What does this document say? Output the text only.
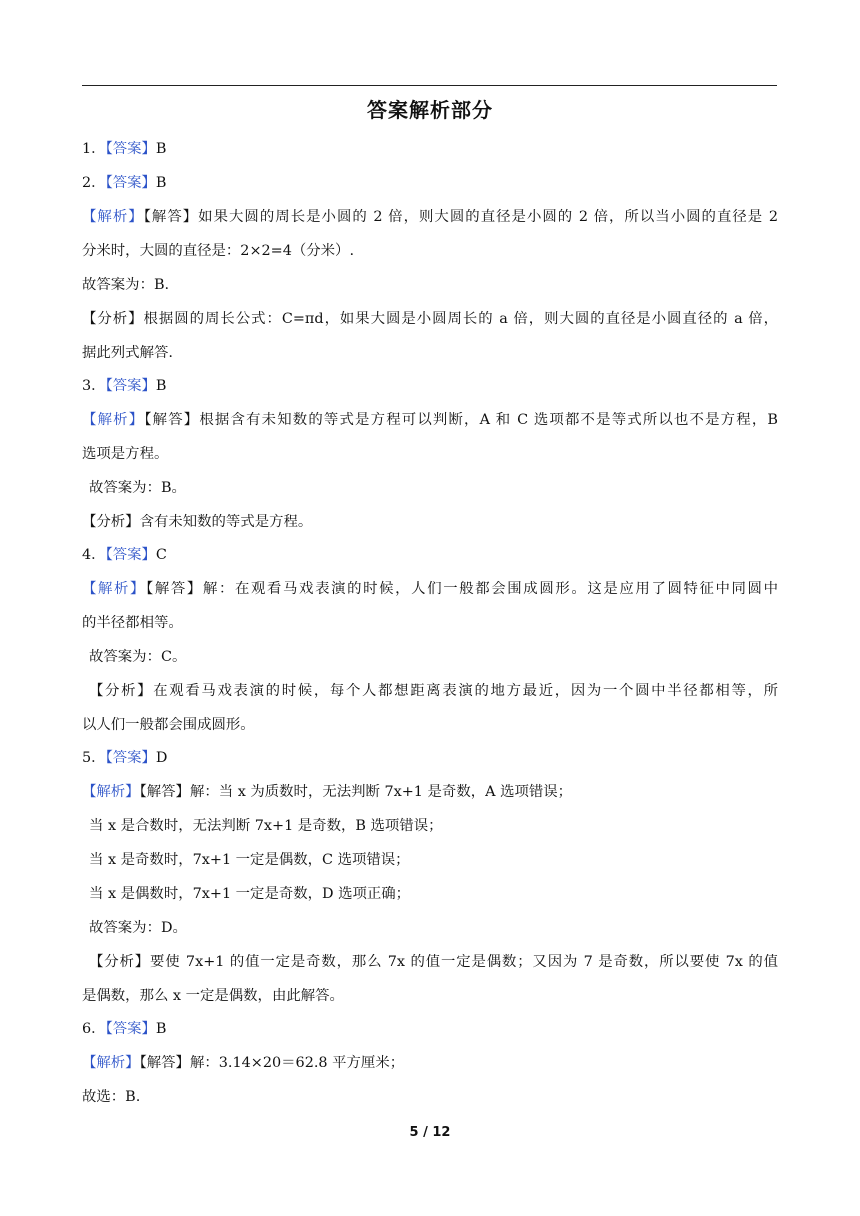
答案解析部分
1．【答案】B
2．【答案】B
【解析】【解答】如果大圆的周长是小圆的 2 倍，则大圆的直径是小圆的 2 倍，所以当小圆的直径是 2
分米时，大圆的直径是：2×2=4（分米）.
故答案为：B.
【分析】根据圆的周长公式：C=πd，如果大圆是小圆周长的 a 倍，则大圆的直径是小圆直径的 a 倍，
据此列式解答.
3．【答案】B
【解析】【解答】根据含有未知数的等式是方程可以判断，A 和 C 选项都不是等式所以也不是方程，B
选项是方程。
故答案为：B。
【分析】含有未知数的等式是方程。
4．【答案】C
【解析】【解答】解：在观看马戏表演的时候，人们一般都会围成圆形。这是应用了圆特征中同圆中
的半径都相等。
故答案为：C。
【分析】在观看马戏表演的时候，每个人都想距离表演的地方最近，因为一个圆中半径都相等，所
以人们一般都会围成圆形。
5．【答案】D
【解析】【解答】解：当 x 为质数时，无法判断 7x+1 是奇数，A 选项错误；
当 x 是合数时，无法判断 7x+1 是奇数，B 选项错误；
当 x 是奇数时，7x+1 一定是偶数，C 选项错误；
当 x 是偶数时，7x+1 一定是奇数，D 选项正确；
故答案为：D。
【分析】要使 7x+1 的值一定是奇数，那么 7x 的值一定是偶数；又因为 7 是奇数，所以要使 7x 的值
是偶数，那么 x 一定是偶数，由此解答。
6．【答案】B
【解析】【解答】解：3.14×20＝62.8 平方厘米；
故选：B.
5 / 12
